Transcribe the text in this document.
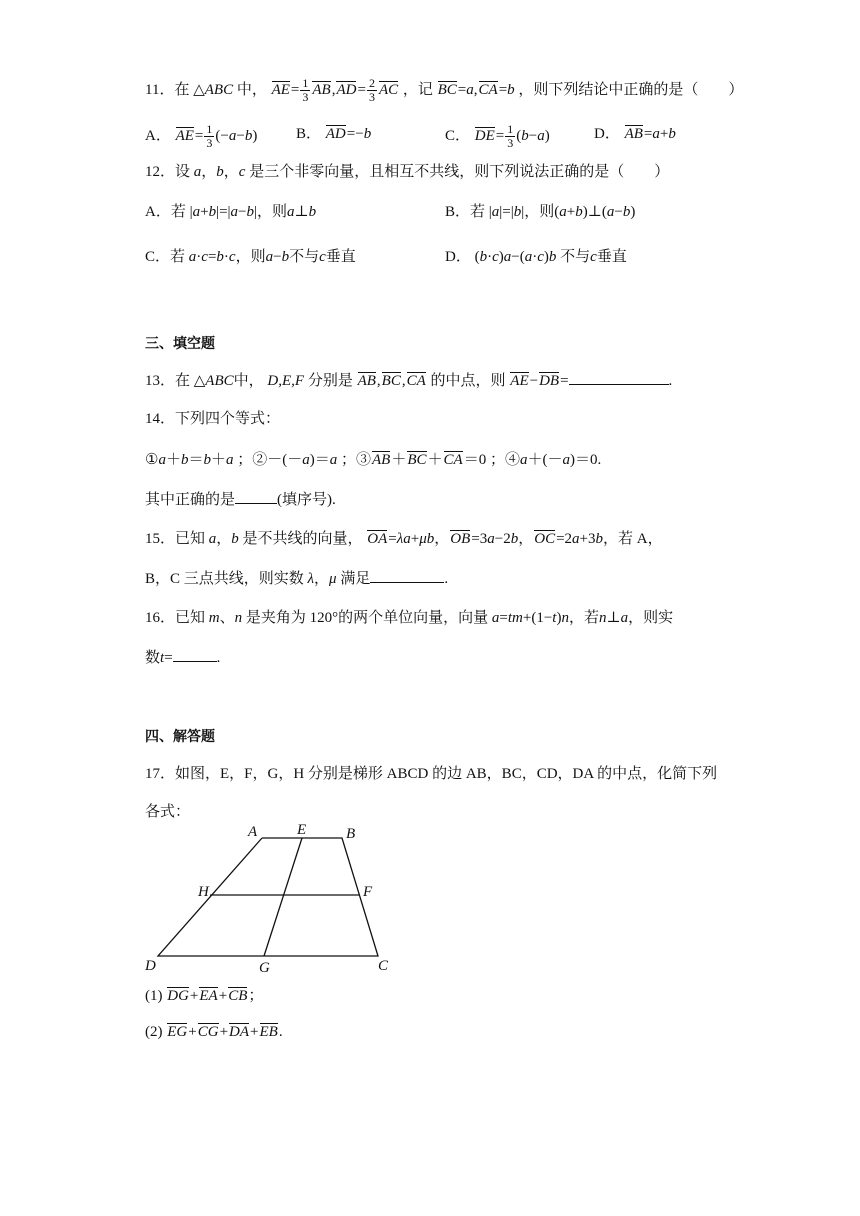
11．在 △ABC 中， $AE= \frac{1}{3} AB,AD= \frac{2}{3}$ AC ，记 BC=a,CA=b ，则下列结论中正确的是（　　）
A． $AE= \frac{1}{3} (-a-b)$	B． AD=−b	C． $DE= \frac{1}{3} (b-a)$	D． AB=a+b
12．设 a，b，c 是三个非零向量，且相互不共线，则下列说法正确的是（　　）
A．若 |a+b|=|a−b|，则a⊥b	B．若 |a|=|b|，则(a+b)⊥(a−b)
C．若 a·c=b·c，则a−b不与c垂直	D． (b·c)a−(a·c)b 不与c垂直
三、填空题
13．在 △ABC中， D,E,F 分别是 AB,BC,CA 的中点，则 AE−DB=	.
14．下列四个等式：
①a＋b＝b＋a ；②－(－a)＝a ；③AB＋BC＋CA＝0 ；④a＋(－a)＝0.
其中正确的是	(填序号).
15．已知 a，b 是不共线的向量， OA=λa+μb，OB=3a−2b，OC=2a+3b，若 A，
B，C 三点共线，则实数 λ，μ 满足	.
16．已知 m、n 是夹角为 120°的两个单位向量，向量 a=tm+(1−t)n，若n⊥a，则实
数t=	.
四、解答题
17．如图，E，F，G，H 分别是梯形 ABCD 的边 AB，BC，CD，DA 的中点，化简下列
各式：
A	E	B
H	F
D	G	C
(1) DG+EA+CB；
(2) EG+CG+DA+EB.
